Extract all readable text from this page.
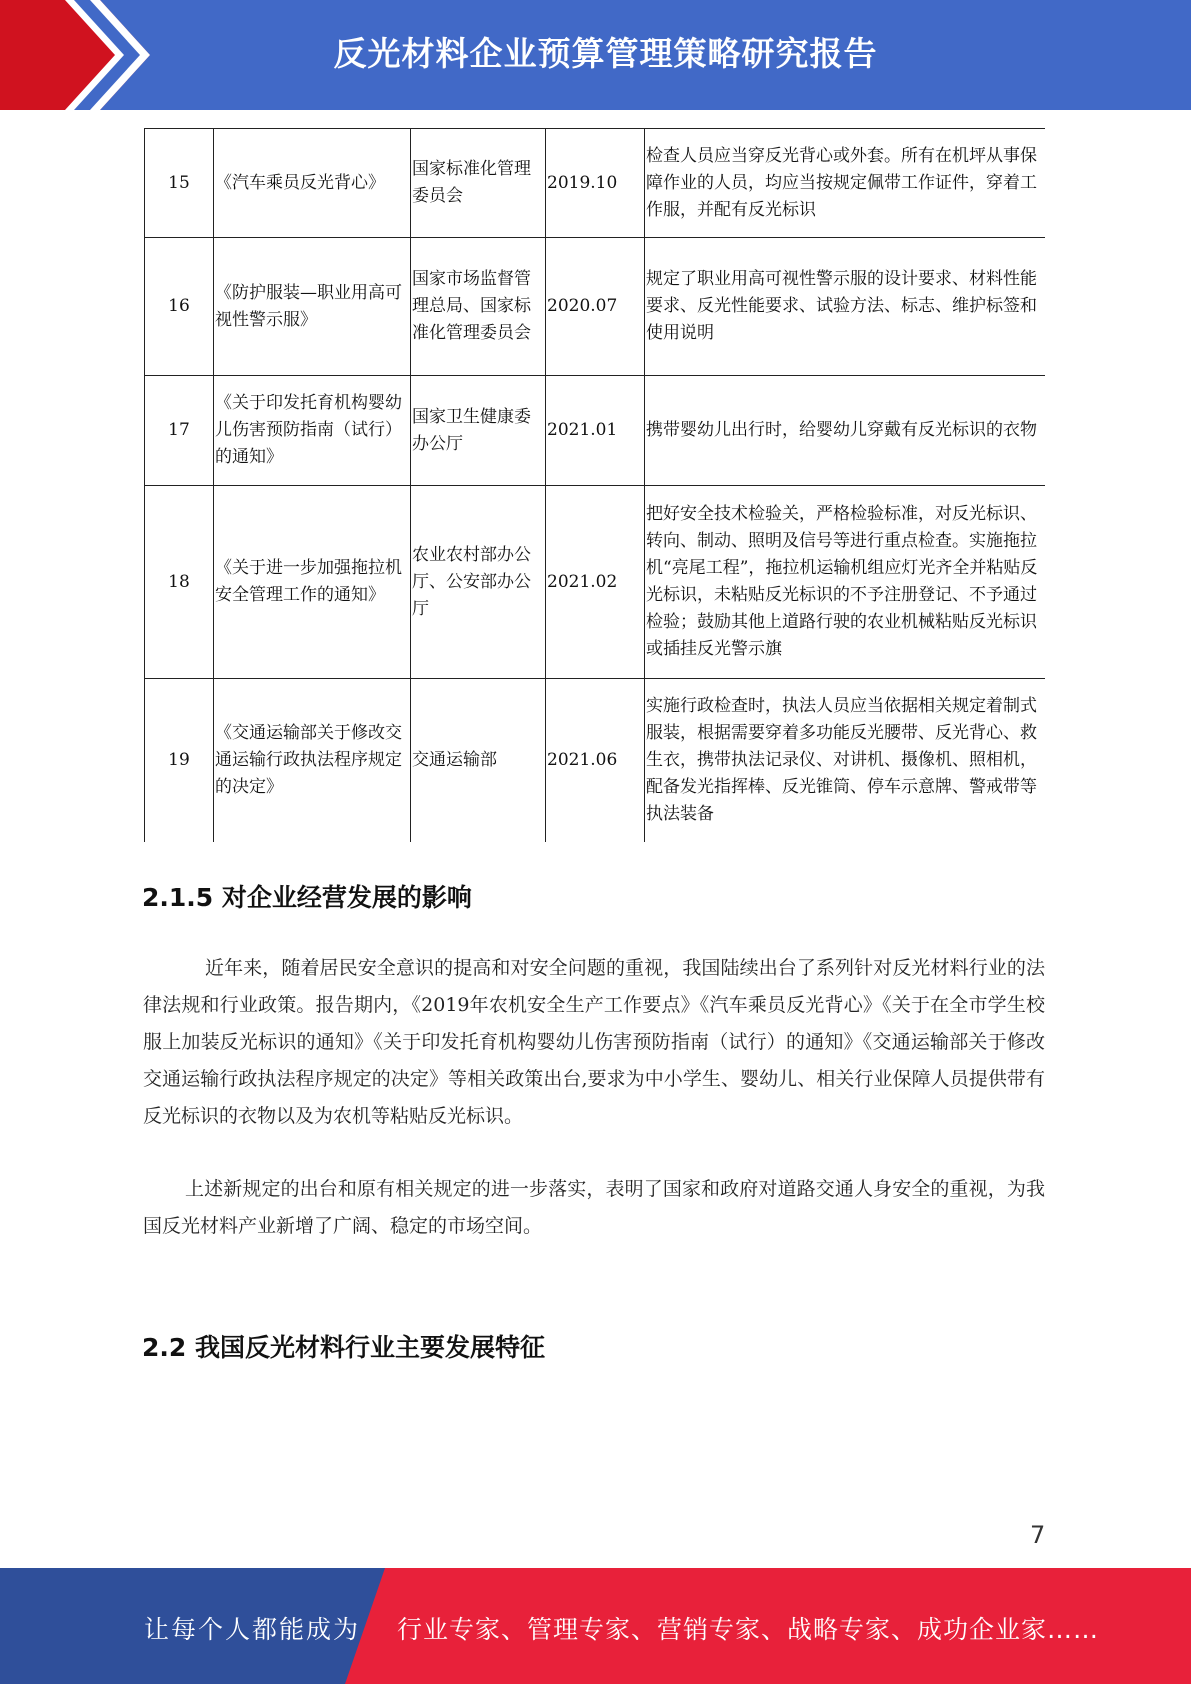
反光材料企业预算管理策略研究报告
15	《汽车乘员反光背心》	国家标准化管理委员会	2019.10	检查人员应当穿反光背心或外套。所有在机坪从事保障作业的人员，均应当按规定佩带工作证件，穿着工作服，并配有反光标识
16	《防护服装—职业用高可视性警示服》	国家市场监督管理总局、国家标准化管理委员会	2020.07	规定了职业用高可视性警示服的设计要求、材料性能要求、反光性能要求、试验方法、标志、维护标签和使用说明
17	《关于印发托育机构婴幼儿伤害预防指南（试行）的通知》	国家卫生健康委办公厅	2021.01	携带婴幼儿出行时，给婴幼儿穿戴有反光标识的衣物
18	《关于进一步加强拖拉机安全管理工作的通知》	农业农村部办公厅、公安部办公厅	2021.02	把好安全技术检验关，严格检验标准，对反光标识、转向、制动、照明及信号等进行重点检查。实施拖拉机“亮尾工程”，拖拉机运输机组应灯光齐全并粘贴反光标识，未粘贴反光标识的不予注册登记、不予通过检验；鼓励其他上道路行驶的农业机械粘贴反光标识或插挂反光警示旗
19	《交通运输部关于修改交通运输行政执法程序规定的决定》	交通运输部	2021.06	实施行政检查时，执法人员应当依据相关规定着制式服装，根据需要穿着多功能反光腰带、反光背心、救生衣，携带执法记录仪、对讲机、摄像机、照相机，配备发光指挥棒、反光锥筒、停车示意牌、警戒带等执法装备
2.1.5 对企业经营发展的影响
近年来，随着居民安全意识的提高和对安全问题的重视，我国陆续出台了系列针对反光材料行业的法律法规和行业政策。报告期内，《2019年农机安全生产工作要点》《汽车乘员反光背心》《关于在全市学生校服上加装反光标识的通知》《关于印发托育机构婴幼儿伤害预防指南（试行）的通知》《交通运输部关于修改交通运输行政执法程序规定的决定》等相关政策出台,要求为中小学生、婴幼儿、相关行业保障人员提供带有反光标识的衣物以及为农机等粘贴反光标识。
上述新规定的出台和原有相关规定的进一步落实，表明了国家和政府对道路交通人身安全的重视，为我国反光材料产业新增了广阔、稳定的市场空间。
2.2 我国反光材料行业主要发展特征
7
让每个人都能成为 行业专家、管理专家、营销专家、战略专家、成功企业家……
